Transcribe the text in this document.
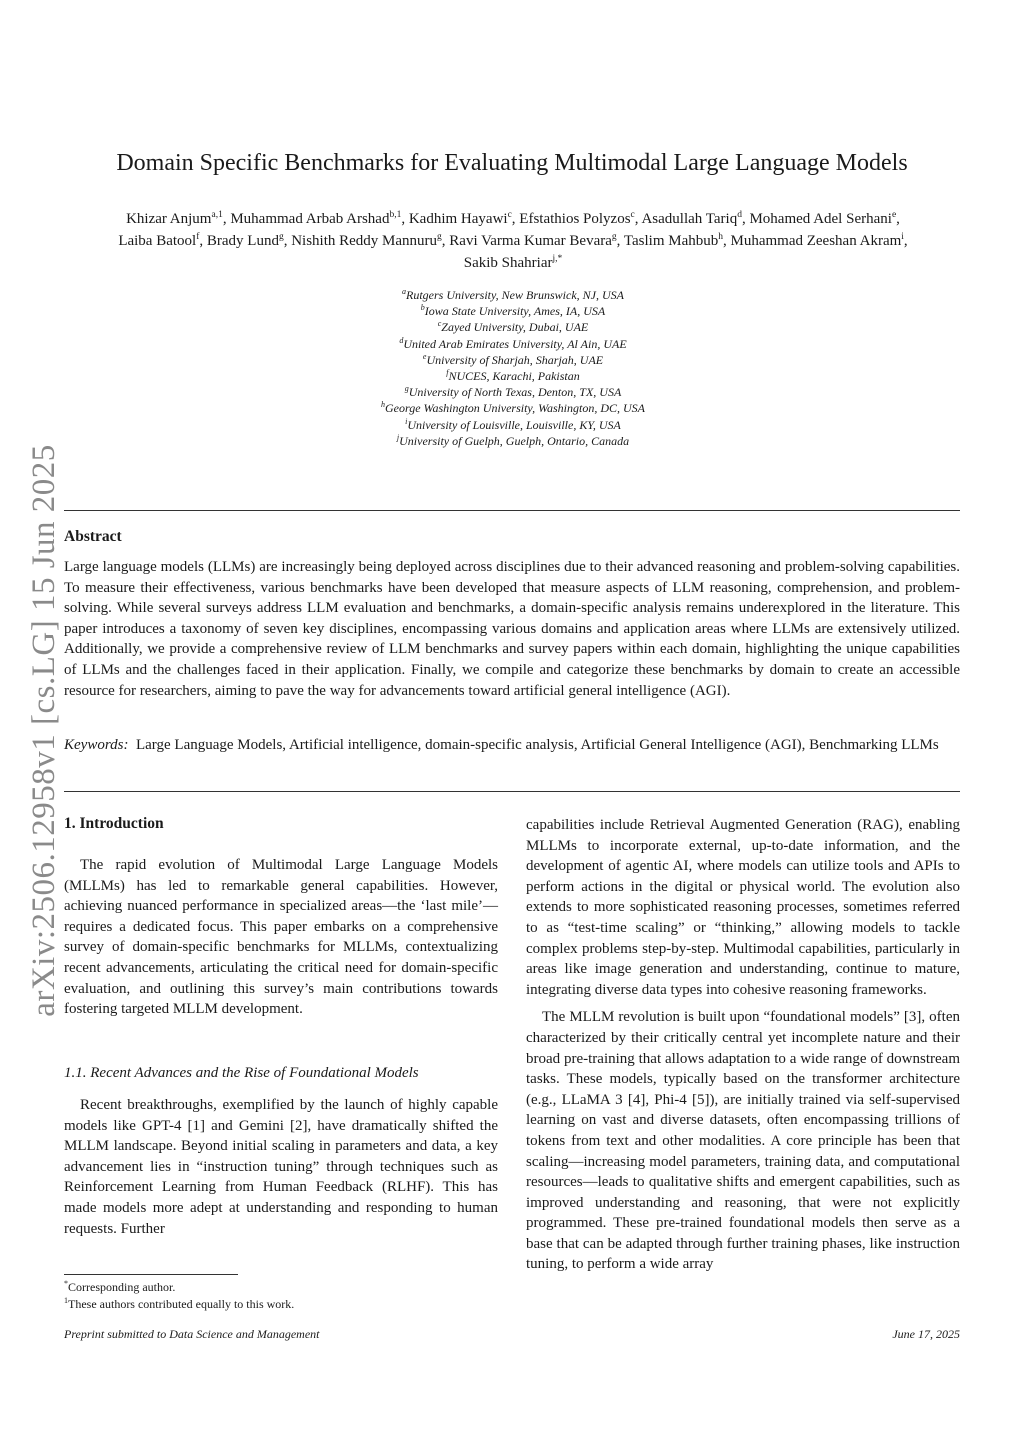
arXiv:2506.12958v1 [cs.LG] 15 Jun 2025
Domain Specific Benchmarks for Evaluating Multimodal Large Language Models
Khizar Anjum$^{a,1}$, Muhammad Arbab Arshad$^{b,1}$, Kadhim Hayawi$^c$, Efstathios Polyzos$^c$, Asadullah Tariq$^d$, Mohamed Adel Serhani$^e$,
Laiba Batool$^f$, Brady Lund$^g$, Nishith Reddy Mannuru$^g$, Ravi Varma Kumar Bevara$^g$, Taslim Mahbub$^h$, Muhammad Zeeshan Akram$^i$,
Sakib Shahriar$^{j,*}$
$^a$Rutgers University, New Brunswick, NJ, USA
$^b$Iowa State University, Ames, IA, USA
$^c$Zayed University, Dubai, UAE
$^d$United Arab Emirates University, Al Ain, UAE
$^e$University of Sharjah, Sharjah, UAE
$^f$NUCES, Karachi, Pakistan
$^g$University of North Texas, Denton, TX, USA
$^h$George Washington University, Washington, DC, USA
$^i$University of Louisville, Louisville, KY, USA
$^j$University of Guelph, Guelph, Ontario, Canada
Abstract
Large language models (LLMs) are increasingly being deployed across disciplines due to their advanced reasoning and problem-solving capabilities. To measure their effectiveness, various benchmarks have been developed that measure aspects of LLM reasoning, comprehension, and problem-solving. While several surveys address LLM evaluation and benchmarks, a domain-specific analysis remains underexplored in the literature. This paper introduces a taxonomy of seven key disciplines, encompassing various domains and application areas where LLMs are extensively utilized. Additionally, we provide a comprehensive review of LLM benchmarks and survey papers within each domain, highlighting the unique capabilities of LLMs and the challenges faced in their application. Finally, we compile and categorize these benchmarks by domain to create an accessible resource for researchers, aiming to pave the way for advancements toward artificial general intelligence (AGI).
Keywords: Large Language Models, Artificial intelligence, domain-specific analysis, Artificial General Intelligence (AGI), Benchmarking LLMs
1. Introduction

The rapid evolution of Multimodal Large Language Models (MLLMs) has led to remarkable general capabilities. However, achieving nuanced performance in specialized areas—the ‘last mile’—requires a dedicated focus. This paper embarks on a comprehensive survey of domain-specific benchmarks for MLLMs, contextualizing recent advancements, articulating the critical need for domain-specific evaluation, and outlining this survey’s main contributions towards fostering targeted MLLM development.

1.1. Recent Advances and the Rise of Foundational Models

Recent breakthroughs, exemplified by the launch of highly capable models like GPT-4 [1] and Gemini [2], have dramatically shifted the MLLM landscape. Beyond initial scaling in parameters and data, a key advancement lies in “instruction tuning” through techniques such as Reinforcement Learning from Human Feedback (RLHF). This has made models more adept at understanding and responding to human requests. Further

capabilities include Retrieval Augmented Generation (RAG), enabling MLLMs to incorporate external, up-to-date information, and the development of agentic AI, where models can utilize tools and APIs to perform actions in the digital or physical world. The evolution also extends to more sophisticated reasoning processes, sometimes referred to as “test-time scaling” or “thinking,” allowing models to tackle complex problems step-by-step. Multimodal capabilities, particularly in areas like image generation and understanding, continue to mature, integrating diverse data types into cohesive reasoning frameworks.

The MLLM revolution is built upon “foundational models” [3], often characterized by their critically central yet incomplete nature and their broad pre-training that allows adaptation to a wide range of downstream tasks. These models, typically based on the transformer architecture (e.g., LLaMA 3 [4], Phi-4 [5]), are initially trained via self-supervised learning on vast and diverse datasets, often encompassing trillions of tokens from text and other modalities. A core principle has been that scaling—increasing model parameters, training data, and computational resources—leads to qualitative shifts and emergent capabilities, such as improved understanding and reasoning, that were not explicitly programmed. These pre-trained foundational models then serve as a base that can be adapted through further training phases, like instruction tuning, to perform a wide array

*Corresponding author.
$^1$These authors contributed equally to this work.
Preprint submitted to Data Science and Management	June 17, 2025
